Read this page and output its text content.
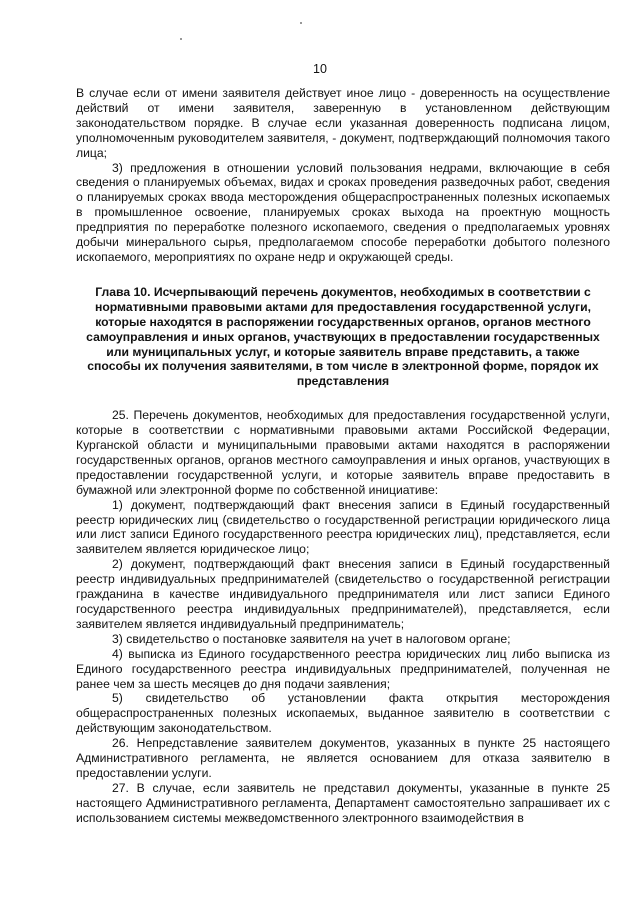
10

В случае если от имени заявителя действует иное лицо - доверенность на осуществление действий от имени заявителя, заверенную в установленном действующим законодательством порядке. В случае если указанная доверенность подписана лицом, уполномоченным руководителем заявителя, - документ, подтверждающий полномочия такого лица;

3) предложения в отношении условий пользования недрами, включающие в себя сведения о планируемых объемах, видах и сроках проведения разведочных работ, сведения о планируемых сроках ввода месторождения общераспространенных полезных ископаемых в промышленное освоение, планируемых сроках выхода на проектную мощность предприятия по переработке полезного ископаемого, сведения о предполагаемых уровнях добычи минерального сырья, предполагаемом способе переработки добытого полезного ископаемого, мероприятиях по охране недр и окружающей среды.

Глава 10. Исчерпывающий перечень документов, необходимых в соответствии с нормативными правовыми актами для предоставления государственной услуги, которые находятся в распоряжении государственных органов, органов местного самоуправления и иных органов, участвующих в предоставлении государственных или муниципальных услуг, и которые заявитель вправе представить, а также способы их получения заявителями, в том числе в электронной форме, порядок их представления

25. Перечень документов, необходимых для предоставления государственной услуги, которые в соответствии с нормативными правовыми актами Российской Федерации, Курганской области и муниципальными правовыми актами находятся в распоряжении государственных органов, органов местного самоуправления и иных органов, участвующих в предоставлении государственной услуги, и которые заявитель вправе предоставить в бумажной или электронной форме по собственной инициативе:

1) документ, подтверждающий факт внесения записи в Единый государственный реестр юридических лиц (свидетельство о государственной регистрации юридического лица или лист записи Единого государственного реестра юридических лиц), представляется, если заявителем является юридическое лицо;

2) документ, подтверждающий факт внесения записи в Единый государственный реестр индивидуальных предпринимателей (свидетельство о государственной регистрации гражданина в качестве индивидуального предпринимателя или лист записи Единого государственного реестра индивидуальных предпринимателей), представляется, если заявителем является индивидуальный предприниматель;

3) свидетельство о постановке заявителя на учет в налоговом органе;

4) выписка из Единого государственного реестра юридических лиц либо выписка из Единого государственного реестра индивидуальных предпринимателей, полученная не ранее чем за шесть месяцев до дня подачи заявления;

5) свидетельство об установлении факта открытия месторождения общераспространенных полезных ископаемых, выданное заявителю в соответствии с действующим законодательством.

26. Непредставление заявителем документов, указанных в пункте 25 настоящего Административного регламента, не является основанием для отказа заявителю в предоставлении услуги.

27. В случае, если заявитель не представил документы, указанные в пункте 25 настоящего Административного регламента, Департамент самостоятельно запрашивает их с использованием системы межведомственного электронного взаимодействия в
